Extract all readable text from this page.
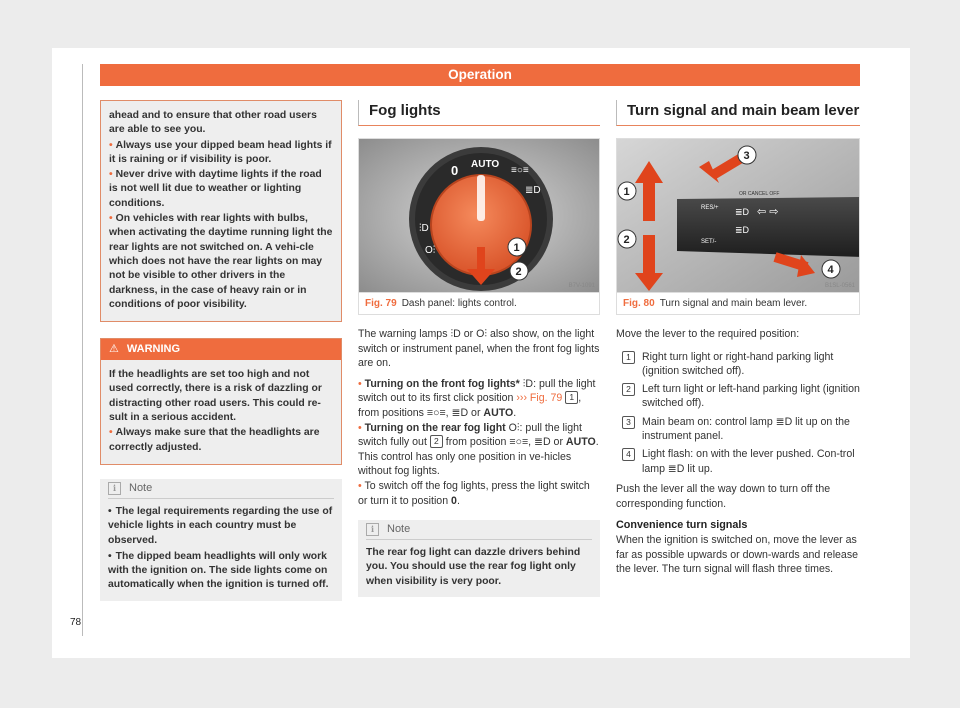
Operation

ahead and to ensure that other road users are able to see you.

• Always use your dipped beam head lights if it is raining or if visibility is poor.

• Never drive with daytime lights if the road is not well lit due to weather or lighting conditions.

• On vehicles with rear lights with bulbs, when activating the daytime running light the rear lights are not switched on. A vehi-cle which does not have the rear lights on may not be visible to other drivers in the darkness, in the case of heavy rain or in conditions of poor visibility.

⚠ WARNING

If the headlights are set too high and not used correctly, there is a risk of dazzling or distracting other road users. This could re-sult in a serious accident.

• Always make sure that the headlights are correctly adjusted.

i Note

• The legal requirements regarding the use of vehicle lights in each country must be observed.

• The dipped beam headlights will only work with the ignition on. The side lights come on automatically when the ignition is turned off.

Fog lights
0 AUTO
≡○≡
≣D
⫶D
O⫶	1
2
B7V-1091
Fig. 79 Dash panel: lights control.

The warning lamps ⫶D or O⫶ also show, on the light switch or instrument panel, when the front fog lights are on.

• Turning on the front fog lights* ⫶D: pull the light switch out to its first click position ››› Fig. 79 1 , from positions ≡○≡, ≣D or AUTO.

• Turning on the rear fog light O⫶: pull the light switch fully out 2 from position ≡○≡, ≣D or AUTO. This control has only one position in ve-hicles without fog lights.

• To switch off the fog lights, press the light switch or turn it to position 0.

i Note
The rear fog light can dazzle drivers behind you. You should use the rear fog light only when visibility is very poor.
Turn signal and main beam lever
RES/+
SET/-
OR CANCEL OFF
≣D ⇦ ⇨
≣D
1
2
3
4
B1SL-0561
Fig. 80 Turn signal and main beam lever.

Move the lever to the required position:

1	Right turn light or right-hand parking light (ignition switched off).
2	Left turn light or left-hand parking light (ignition switched off).
3	Main beam on: control lamp ≣D lit up on the instrument panel.
4	Light flash: on with the lever pushed. Con-trol lamp ≣D lit up.

Push the lever all the way down to turn off the corresponding function.

Convenience turn signals

When the ignition is switched on, move the lever as far as possible upwards or down-wards and release the lever. The turn signal will flash three times.

78
